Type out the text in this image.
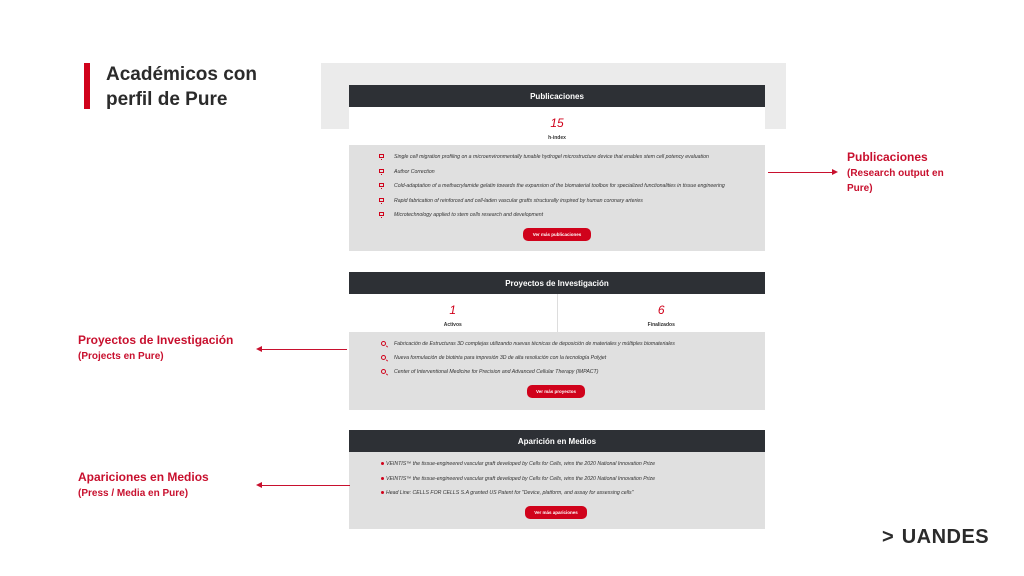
Académicos con
perfil de Pure	Publicaciones
15
h-index
Single cell migration profiling on a microenvironmentally tunable hydrogel microstructure device that enables stem cell potency evaluation
Author Correction
Cold-adaptation of a methacrylamide gelatin towards the expansion of the biomaterial toolbox for specialized functionalities in tissue engineering
Rapid fabrication of reinforced and cell-laden vascular grafts structurally inspired by human coronary arteries
Microtechnology applied to stem cells research and development
Ver más publicaciones
Proyectos de Investigación
1
Activos
6
Finalizados
Fabricación de Estructuras 3D complejas utilizando nuevas técnicas de deposición de materiales y múltiples biomateriales
Nueva formulación de biotinta para impresión 3D de alta resolución con la tecnología Polyjet
Center of Interventional Medicine for Precision and Advanced Cellular Therapy (IMPACT)
Ver más proyectos
Aparición en Medios
VEINTIS™ the tissue-engineered vascular graft developed by Cells for Cells, wins the 2020 National Innovation Prize
VEINTIS™ the tissue-engineered vascular graft developed by Cells for Cells, wins the 2020 National Innovation Prize
Head Line: CELLS FOR CELLS S.A granted US Patent for "Device, platform, and assay for assessing cells"
Ver más apariciones
Publicaciones
(Research output en
Pure)
Proyectos de Investigación
(Projects en Pure)
Apariciones en Medios
(Press / Media en Pure)
> UANDES
